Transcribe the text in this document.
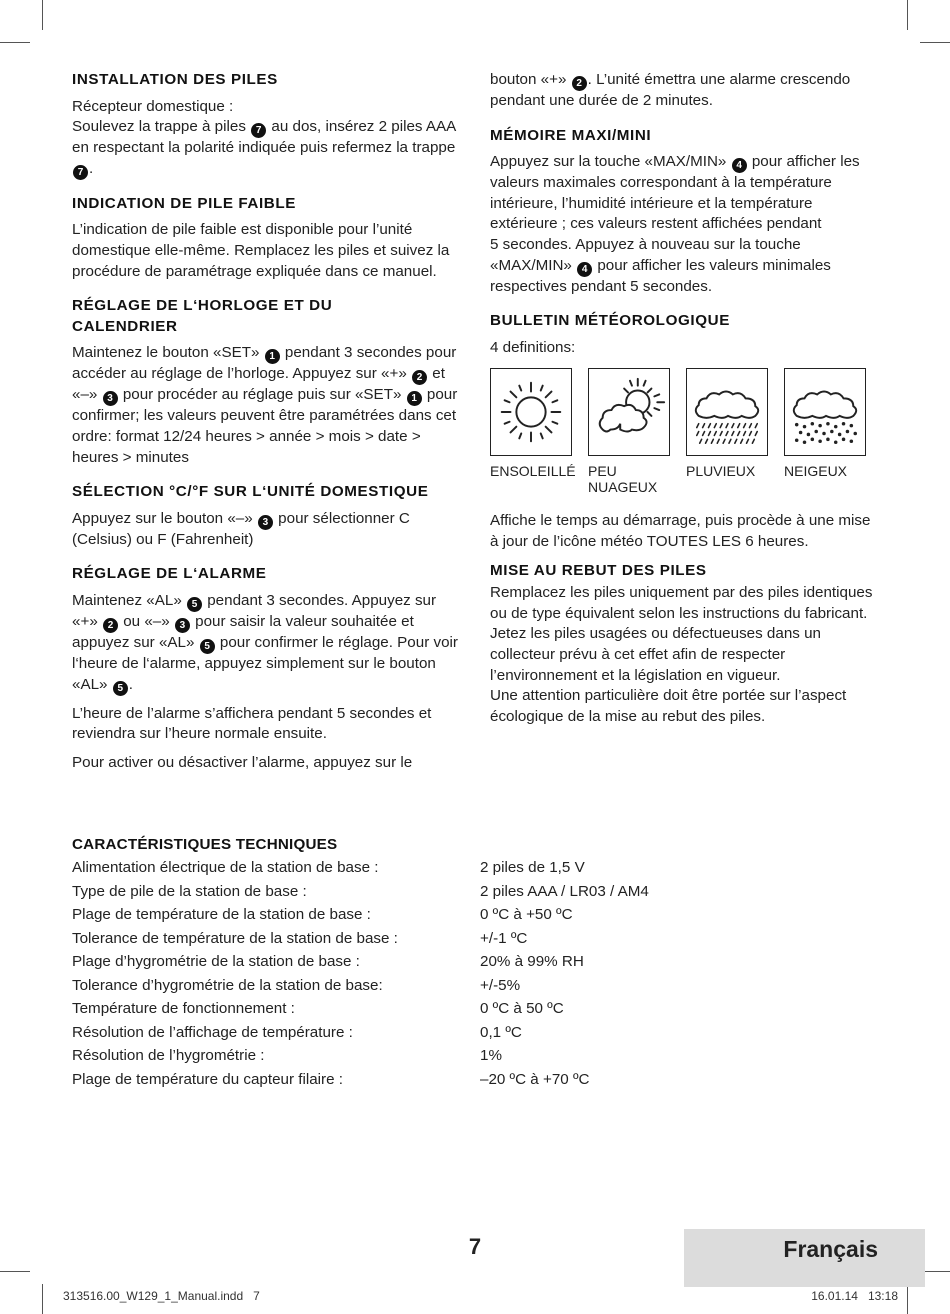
INSTALLATION DES PILES

Récepteur domestique :

Soulevez la trappe à piles 7 au dos, insérez 2 piles AAA en respectant la polarité indiquée puis refermez la trappe 7 .

INDICATION DE PILE FAIBLE

L’indication de pile faible est disponible pour l’unité domestique elle-même. Remplacez les piles et suivez la procédure de paramétrage expliquée dans ce manuel.

RÉGLAGE DE L‘HORLOGE ET DU CALENDRIER

Maintenez le bouton «SET» 1 pendant 3 secondes pour accéder au réglage de l’horloge. Appuyez sur «+» 2 et «–» 3 pour procéder au réglage puis sur «SET» 1 pour confirmer; les valeurs peuvent être paramétrées dans cet ordre: format 12/24 heures > année > mois > date > heures > minutes

SÉLECTION °C/°F SUR L‘UNITÉ DOMESTIQUE

Appuyez sur le bouton «–» 3 pour sélectionner C (Celsius) ou F (Fahrenheit)

RÉGLAGE DE L‘ALARME

Maintenez «AL» 5 pendant 3 secondes. Appuyez sur «+» 2 ou «–» 3 pour saisir la valeur souhaitée et appuyez sur «AL» 5 pour confirmer le réglage. Pour voir l‘heure de l‘alarme, appuyez simplement sur le bouton «AL» 5 .

L’heure de l’alarme s’affichera pendant 5 secondes et reviendra sur l’heure normale ensuite.

Pour activer ou désactiver l’alarme, appuyez sur le

bouton «+» 2 . L’unité émettra une alarme crescendo pendant une durée de 2 minutes.

MÉMOIRE MAXI/MINI

Appuyez sur la touche «MAX/MIN» 4 pour afficher les valeurs maximales correspondant à la température intérieure, l’humidité intérieure et la température extérieure ; ces valeurs restent affichées pendant

5 secondes. Appuyez à nouveau sur la touche «MAX/MIN» 4 pour afficher les valeurs minimales respectives pendant 5 secondes.

BULLETIN MÉTÉOROLOGIQUE

4 definitions:

ENSOLEILLÉ PEU NUAGEUX
PLUVIEUX	NEIGEUX

Affiche le temps au démarrage, puis procède à une mise à jour de l’icône météo TOUTES LES 6 heures.

MISE AU REBUT DES PILES

Remplacez les piles uniquement par des piles identiques ou de type équivalent selon les instructions du fabricant.

Jetez les piles usagées ou défectueuses dans un collecteur prévu à cet effet afin de respecter l’environnement et la législation en vigueur.

Une attention particulière doit être portée sur l’aspect écologique de la mise au rebut des piles.

CARACTÉRISTIQUES TECHNIQUES
Alimentation électrique de la station de base :	2 piles de 1,5 V
Type de pile de la station de base :	2 piles AAA / LR03 / AM4
Plage de température de la station de base :	0 ºC à +50 ºC
Tolerance de température de la station de base :	+/-1 ºC
Plage d’hygrométrie de la station de base :	20% à 99% RH
Tolerance d’hygrométrie de la station de base:	+/-5%
Température de fonctionnement :	0 ºC à 50 ºC
Résolution de l’affichage de température :	0,1 ºC
Résolution de l’hygrométrie :	1%
Plage de température du capteur filaire :	–20 ºC à +70 ºC
7	Français
313516.00_W129_1_Manual.indd   7	16.01.14   13:18
